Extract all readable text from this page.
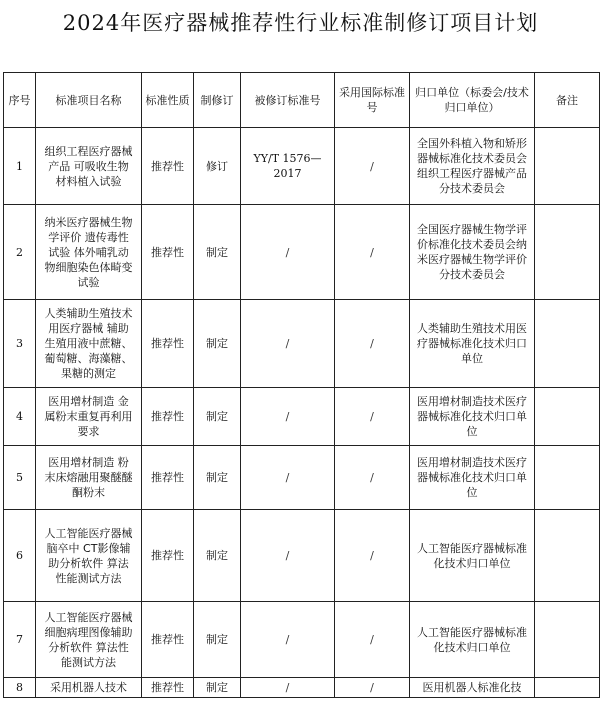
2024年医疗器械推荐性行业标准制修订项目计划
序号	标准项目名称	标准性质	制修订	被修订标准号	采用国际标准号	归口单位（标委会/技术归口单位）	备注
1	组织工程医疗器械产品 可吸收生物材料植入试验	推荐性	修订	YY/T 1576—2017	/	全国外科植入物和矫形器械标准化技术委员会组织工程医疗器械产品分技术委员会	
2	纳米医疗器械生物学评价 遗传毒性试验 体外哺乳动物细胞染色体畸变试验	推荐性	制定	/	/	全国医疗器械生物学评价标准化技术委员会纳米医疗器械生物学评价分技术委员会	
3	人类辅助生殖技术用医疗器械 辅助生殖用液中蔗糖、葡萄糖、海藻糖、果糖的测定	推荐性	制定	/	/	人类辅助生殖技术用医疗器械标准化技术归口单位	
4	医用增材制造 金属粉末重复再利用要求	推荐性	制定	/	/	医用增材制造技术医疗器械标准化技术归口单位	
5	医用增材制造 粉末床熔融用聚醚醚酮粉末	推荐性	制定	/	/	医用增材制造技术医疗器械标准化技术归口单位	
6	人工智能医疗器械 脑卒中 CT影像辅助分析软件 算法性能测试方法	推荐性	制定	/	/	人工智能医疗器械标准化技术归口单位	
7	人工智能医疗器械 细胞病理图像辅助分析软件 算法性能测试方法	推荐性	制定	/	/	人工智能医疗器械标准化技术归口单位	
8	采用机器人技术	推荐性	制定	/	/	医用机器人标准化技	
